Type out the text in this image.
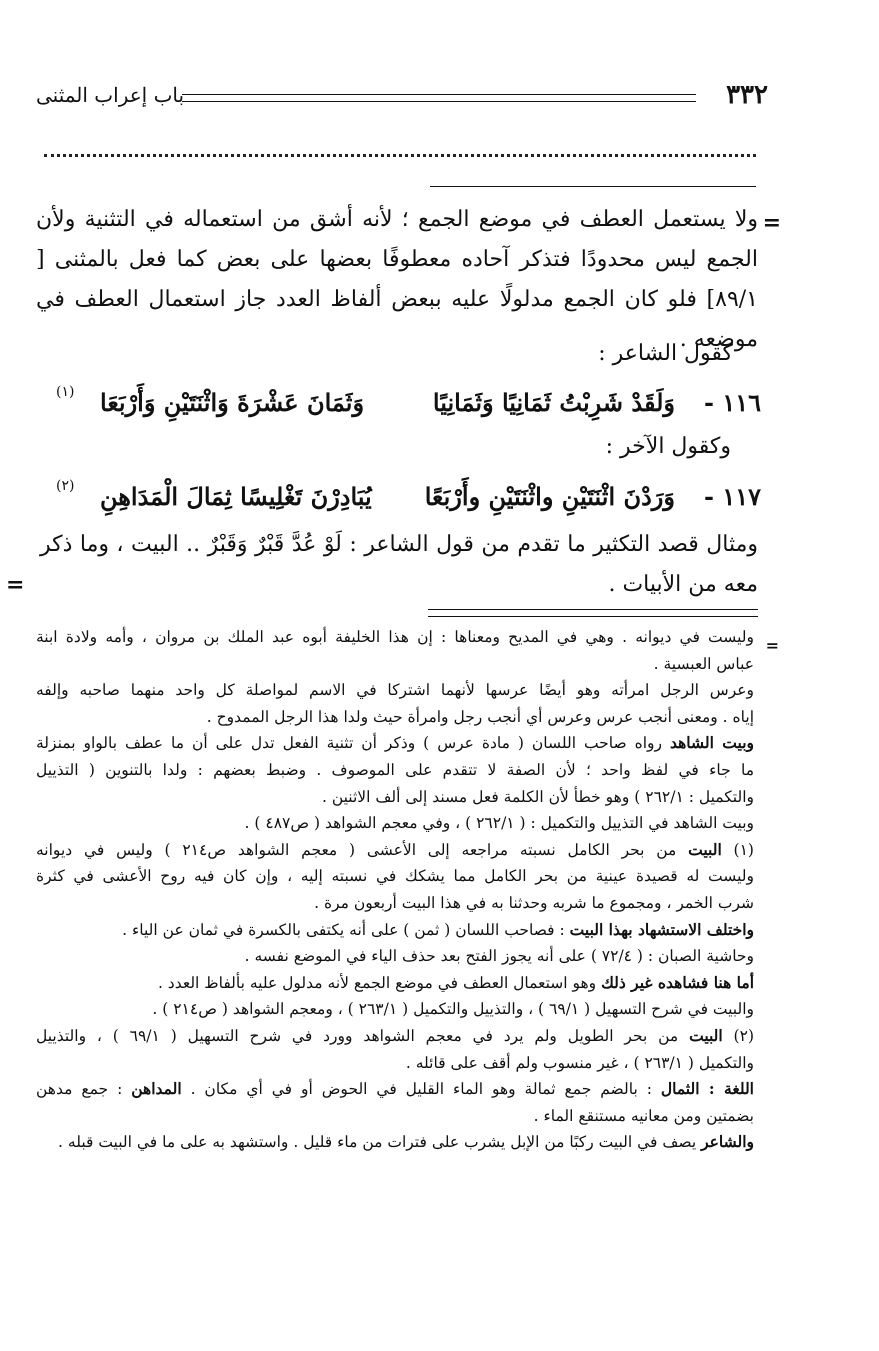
٣٣٢
باب إعراب المثنى
=
ولا يستعمل العطف في موضع الجمع ؛ لأنه أشق من استعماله في التثنية ولأن الجمع ليس محدودًا فتذكر آحاده معطوفًا بعضها على بعض كما فعل بالمثنى [ ٨٩/١] فلو كان الجمع مدلولًا عليه ببعض ألفاظ العدد جاز استعمال العطف في موضعه .
كقول الشاعر :
١١٦ -
وَلَقَدْ شَرِبْتُ ثَمَانِيًا وَثَمَانِيًا
وَثَمَانَ عَشْرَةَ وَاثْنَتَيْنِ وَأَرْبَعَا
(١)
وكقول الآخر :
١١٧ -
وَرَدْنَ اثْنَتَيْنِ واثْنَتَيْنِ وأَرْبَعًا
يُبَادِرْنَ تَغْلِيسًا ثِمَالَ الْمَدَاهِنِ
(٢)
ومثال قصد التكثير ما تقدم من قول الشاعر : لَوْ عُدَّ قَبْرٌ وَقَبْرٌ .. البيت ، وما ذكر معه من الأبيات .
=
=
وليست في ديوانه . وهي في المديح ومعناها : إن هذا الخليفة أبوه عبد الملك بن مروان ، وأمه ولادة ابنة
عباس العبسية .
وعرس الرجل امرأته وهو أيضًا عرسها لأنهما اشتركا في الاسم لمواصلة كل واحد منهما صاحبه وإلفه
إياه . ومعنى أنجب عرس وعرس أي أنجب رجل وامرأة حيث ولدا هذا الرجل الممدوح .
وبيت الشاهد رواه صاحب اللسان ( مادة عرس ) وذكر أن تثنية الفعل تدل على أن ما عطف بالواو بمنزلة
ما جاء في لفظ واحد ؛ لأن الصفة لا تتقدم على الموصوف . وضبط بعضهم : ولدا بالتنوين ( التذييل
والتكميل : ٢٦٢/١ ) وهو خطأ لأن الكلمة فعل مسند إلى ألف الاثنين .
وبيت الشاهد في التذييل والتكميل : ( ٢٦٢/١ ) ، وفي معجم الشواهد ( ص٤٨٧ ) .
(١) البيت من بحر الكامل نسبته مراجعه إلى الأعشى ( معجم الشواهد ص٢١٤ ) وليس في ديوانه
وليست له قصيدة عينية من بحر الكامل مما يشكك في نسبته إليه ، وإن كان فيه روح الأعشى في كثرة
شرب الخمر ، ومجموع ما شربه وحدثنا به في هذا البيت أربعون مرة .
واختلف الاستشهاد بهذا البيت : فصاحب اللسان ( ثمن ) على أنه يكتفى بالكسرة في ثمان عن الياء .
وحاشية الصبان : ( ٧٢/٤ ) على أنه يجوز الفتح بعد حذف الياء في الموضع نفسه .
أما هنا فشاهده غير ذلك وهو استعمال العطف في موضع الجمع لأنه مدلول عليه بألفاظ العدد .
والبيت في شرح التسهيل ( ٦٩/١ ) ، والتذييل والتكميل ( ٢٦٣/١ ) ، ومعجم الشواهد ( ص٢١٤ ) .
(٢) البيت من بحر الطويل ولم يرد في معجم الشواهد وورد في شرح التسهيل ( ٦٩/١ ) ، والتذييل
والتكميل ( ٢٦٣/١ ) ، غير منسوب ولم أقف على قائله .
اللغة : الثمال : بالضم جمع ثمالة وهو الماء القليل في الحوض أو في أي مكان . المداهن : جمع مدهن
بضمتين ومن معانيه مستنقع الماء .
والشاعر يصف في البيت ركبًا من الإبل يشرب على فترات من ماء قليل . واستشهد به على ما في البيت قبله .
